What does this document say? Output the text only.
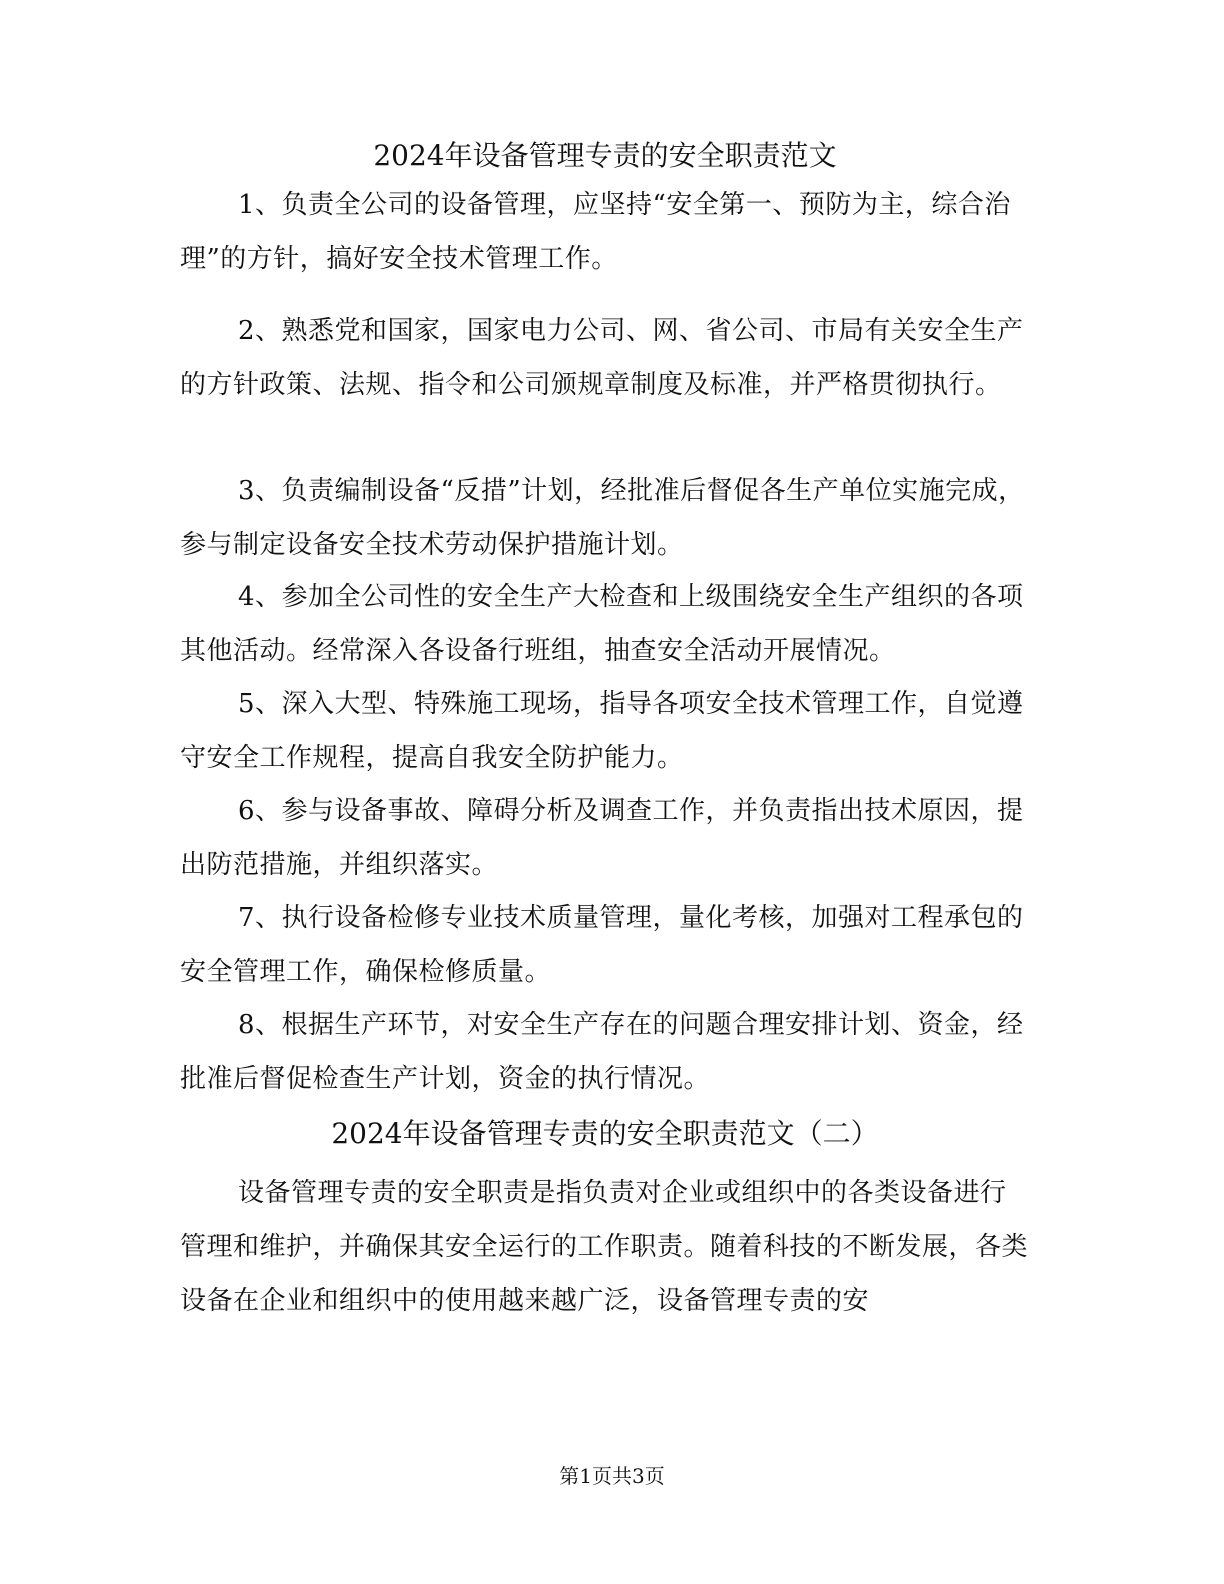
2024年设备管理专责的安全职责范文

1、负责全公司的设备管理，应坚持“安全第一、预防为主，综合治理”的方针，搞好安全技术管理工作。

2、熟悉党和国家，国家电力公司、网、省公司、市局有关安全生产的方针政策、法规、指令和公司颁规章制度及标准，并严格贯彻执行。

3、负责编制设备“反措”计划，经批准后督促各生产单位实施完成，参与制定设备安全技术劳动保护措施计划。

4、参加全公司性的安全生产大检查和上级围绕安全生产组织的各项其他活动。经常深入各设备行班组，抽查安全活动开展情况。

5、深入大型、特殊施工现场，指导各项安全技术管理工作，自觉遵守安全工作规程，提高自我安全防护能力。

6、参与设备事故、障碍分析及调查工作，并负责指出技术原因，提出防范措施，并组织落实。

7、执行设备检修专业技术质量管理，量化考核，加强对工程承包的安全管理工作，确保检修质量。

8、根据生产环节，对安全生产存在的问题合理安排计划、资金，经批准后督促检查生产计划，资金的执行情况。

2024年设备管理专责的安全职责范文（二）

设备管理专责的安全职责是指负责对企业或组织中的各类设备进行管理和维护，并确保其安全运行的工作职责。随着科技的不断发展，各类设备在企业和组织中的使用越来越广泛，设备管理专责的安

第1页共3页
